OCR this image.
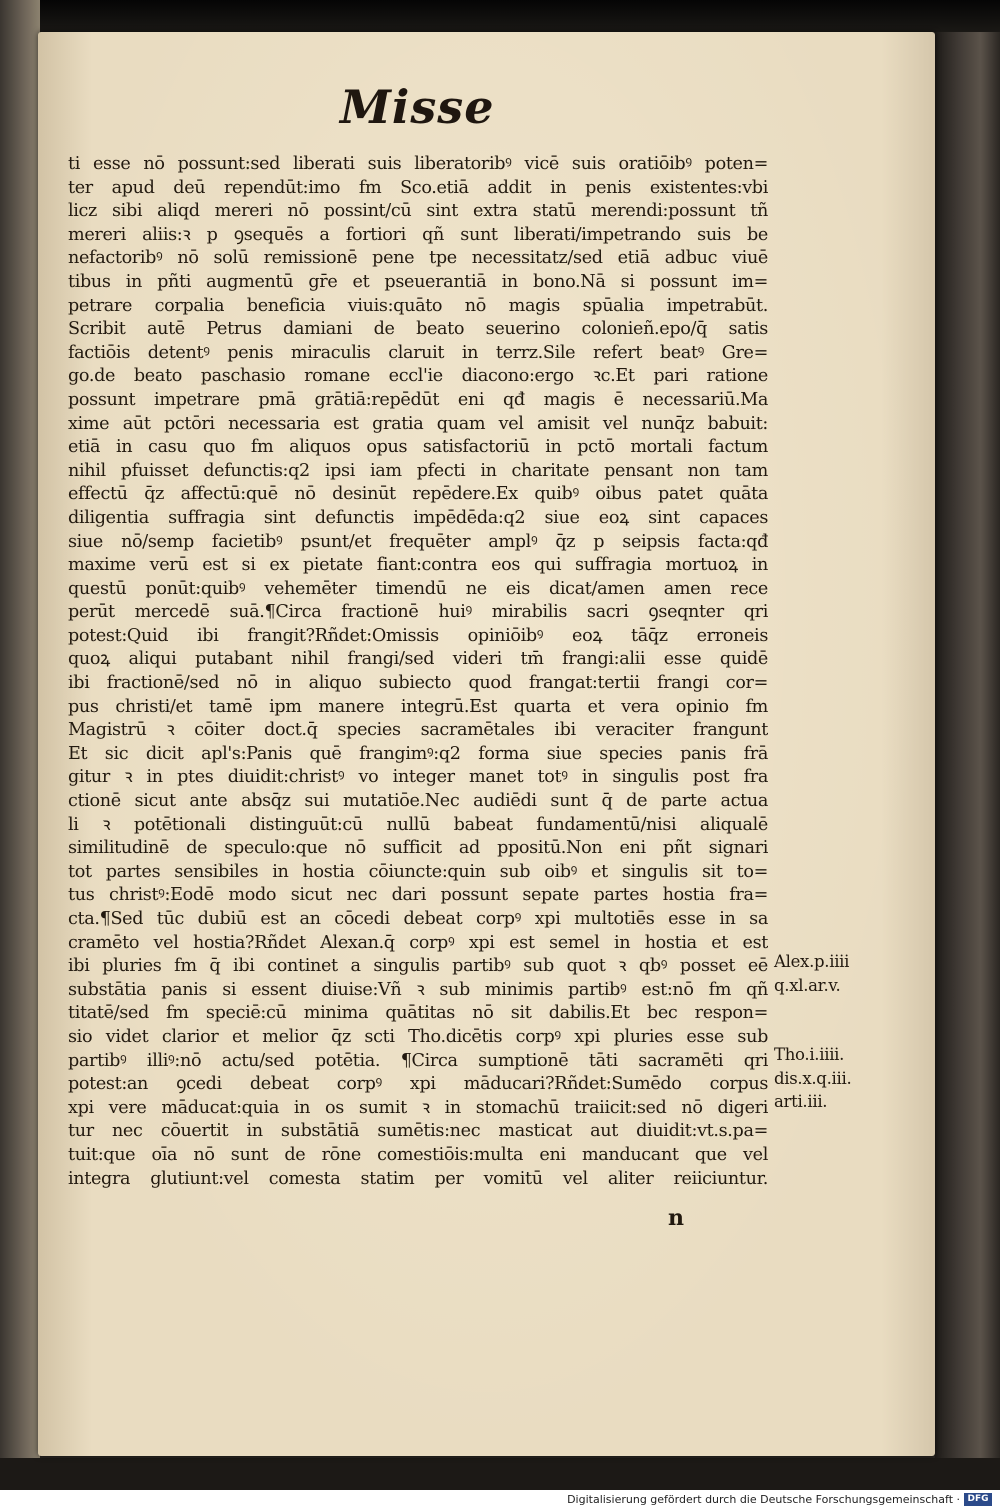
Misse
ti esse nō possunt:sed liberati suis liberatoribꝰ vicē suis oratiōibꝰ poten=
ter apud deū rependūt:imo fm Sco.etiā addit in penis existentes:vbi
licz sibi aliqd mereri nō possint/cū sint extra statū merendi:possunt tñ
mereri aliis:ꝛ p ꝯsequēs a fortiori qñ sunt liberati/impetrando suis be
nefactoribꝰ nō solū remissionē pene tpe necessitatz/sed etiā adbuc viuē
tibus in pñti augmentū gr̄e et pseuerantiā in bono.Nā si possunt im=
petrare corpalia beneficia viuis:quāto nō magis spūalia impetrabūt.
Scribit autē Petrus damiani de beato seuerino colonieñ.epo/q̄ satis
factiōis detentꝰ penis miraculis claruit in terrz.Sile refert beatꝰ Gre=
go.de beato paschasio romane eccl'ie diacono:ergo ꝛc.Et pari ratione
possunt impetrare pmā grātiā:repēdūt eni qđ magis ē necessariū.Ma
xime aūt pctōri necessaria est gratia quam vel amisit vel nunq̄z babuit:
etiā in casu quo fm aliquos opus satisfactoriū in pctō mortali factum
nihil pfuisset defunctis:q2 ipsi iam pfecti in charitate pensant non tam
effectū q̄z affectū:quē nō desinūt repēdere.Ex quibꝰ oibus patet quāta
diligentia suffragia sint defunctis impēdēda:q2 siue eoꝝ sint capaces
siue nō/semp facietibꝰ psunt/et frequēter amplꝰ q̄z p seipsis facta:qđ
maxime verū est si ex pietate fiant:contra eos qui suffragia mortuoꝝ in
questū ponūt:quibꝰ vehemēter timendū ne eis dicat/amen amen rece
perūt mercedē suā.¶Circa fractionē huiꝰ mirabilis sacri ꝯseqnter qri
potest:Quid ibi frangit?Rñdet:Omissis opiniōibꝰ eoꝝ tāq̄z erroneis
quoꝝ aliqui putabant nihil frangi/sed videri tm̄ frangi:alii esse quidē
ibi fractionē/sed nō in aliquo subiecto quod frangat:tertii frangi cor=
pus christi/et tamē ipm manere integrū.Est quarta et vera opinio fm
Magistrū ꝛ cōiter doct.q̄ species sacramētales ibi veraciter frangunt
Et sic dicit apl's:Panis quē frangimꝰ:q2 forma siue species panis frā
gitur ꝛ in ptes diuidit:christꝰ vo integer manet totꝰ in singulis post fra
ctionē sicut ante absq̄z sui mutatiōe.Nec audiēdi sunt q̄ de parte actua
li ꝛ potētionali distinguūt:cū nullū babeat fundamentū/nisi aliqualē
similitudinē de speculo:que nō sufficit ad ppositū.Non eni pñt signari
tot partes sensibiles in hostia cōiuncte:quin sub oibꝰ et singulis sit to=
tus christꝰ:Eodē modo sicut nec dari possunt sepate partes hostia fra=
cta.¶Sed tūc dubiū est an cōcedi debeat corpꝰ xpi multotiēs esse in sa
cramēto vel hostia?Rñdet Alexan.q̄ corpꝰ xpi est semel in hostia et est
ibi pluries fm q̄ ibi continet a singulis partibꝰ sub quot ꝛ qbꝰ posset eē
substātia panis si essent diuise:Vñ ꝛ sub minimis partibꝰ est:nō fm qñ
titatē/sed fm speciē:cū minima quātitas nō sit dabilis.Et bec respon=
sio videt clarior et melior q̄z scti Tho.dicētis corpꝰ xpi pluries esse sub
partibꝰ illiꝰ:nō actu/sed potētia. ¶Circa sumptionē tāti sacramēti qri
potest:an ꝯcedi debeat corpꝰ xpi māducari?Rñdet:Sumēdo corpus
xpi vere māducat:quia in os sumit ꝛ in stomachū traiicit:sed nō digeri
tur nec cōuertit in substātiā sumētis:nec masticat aut diuidit:vt.s.pa=
tuit:que oīa nō sunt de rōne comestiōis:multa eni manducant que vel
integra glutiunt:vel comesta statim per vomitū vel aliter reiiciuntur.
Alex.p.iiii
q.xl.ar.v.
Tho.i.iiii.
dis.x.q.iii.
arti.iii.
n
Digitalisierung gefördert durch die Deutsche Forschungsgemeinschaft · DFG
